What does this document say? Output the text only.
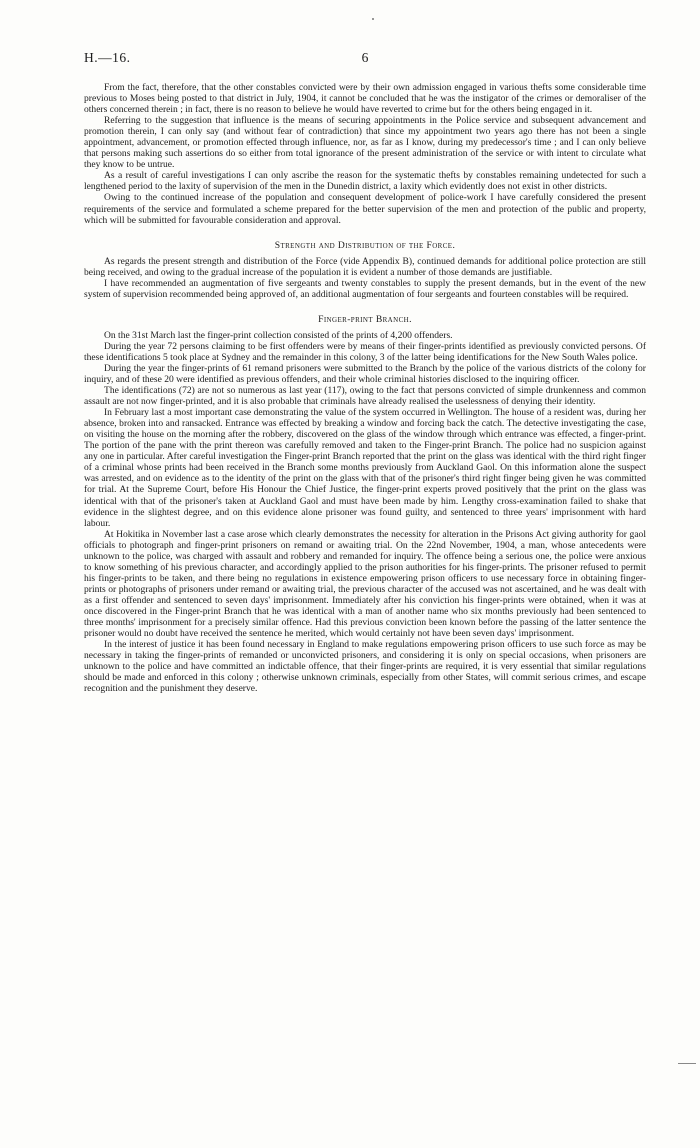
H.—16.	6

From the fact, therefore, that the other constables convicted were by their own admission engaged in various thefts some considerable time previous to Moses being posted to that district in July, 1904, it cannot be concluded that he was the instigator of the crimes or demoraliser of the others concerned therein ; in fact, there is no reason to believe he would have reverted to crime but for the others being engaged in it.

Referring to the suggestion that influence is the means of securing appointments in the Police service and subsequent advancement and promotion therein, I can only say (and without fear of contradiction) that since my appointment two years ago there has not been a single appointment, advancement, or promotion effected through influence, nor, as far as I know, during my predecessor's time ; and I can only believe that persons making such assertions do so either from total ignorance of the present administration of the service or with intent to circulate what they know to be untrue.

As a result of careful investigations I can only ascribe the reason for the systematic thefts by constables remaining undetected for such a lengthened period to the laxity of supervision of the men in the Dunedin district, a laxity which evidently does not exist in other districts.

Owing to the continued increase of the population and consequent development of police-work I have carefully considered the present requirements of the service and formulated a scheme prepared for the better supervision of the men and protection of the public and property, which will be submitted for favourable consideration and approval.

Strength and Distribution of the Force.

As regards the present strength and distribution of the Force (vide Appendix B), continued demands for additional police protection are still being received, and owing to the gradual increase of the population it is evident a number of those demands are justifiable.

I have recommended an augmentation of five sergeants and twenty constables to supply the present demands, but in the event of the new system of supervision recommended being approved of, an additional augmentation of four sergeants and fourteen constables will be required.

Finger-print Branch.

On the 31st March last the finger-print collection consisted of the prints of 4,200 offenders.

During the year 72 persons claiming to be first offenders were by means of their finger-prints identified as previously convicted persons. Of these identifications 5 took place at Sydney and the remainder in this colony, 3 of the latter being identifications for the New South Wales police.

During the year the finger-prints of 61 remand prisoners were submitted to the Branch by the police of the various districts of the colony for inquiry, and of these 20 were identified as previous offenders, and their whole criminal histories disclosed to the inquiring officer.

The identifications (72) are not so numerous as last year (117), owing to the fact that persons convicted of simple drunkenness and common assault are not now finger-printed, and it is also probable that criminals have already realised the uselessness of denying their identity.

In February last a most important case demonstrating the value of the system occurred in Wellington. The house of a resident was, during her absence, broken into and ransacked. Entrance was effected by breaking a window and forcing back the catch. The detective investigating the case, on visiting the house on the morning after the robbery, discovered on the glass of the window through which entrance was effected, a finger-print. The portion of the pane with the print thereon was carefully removed and taken to the Finger-print Branch. The police had no suspicion against any one in particular. After careful investigation the Finger-print Branch reported that the print on the glass was identical with the third right finger of a criminal whose prints had been received in the Branch some months previously from Auckland Gaol. On this information alone the suspect was arrested, and on evidence as to the identity of the print on the glass with that of the prisoner's third right finger being given he was committed for trial. At the Supreme Court, before His Honour the Chief Justice, the finger-print experts proved positively that the print on the glass was identical with that of the prisoner's taken at Auckland Gaol and must have been made by him. Lengthy cross-examination failed to shake that evidence in the slightest degree, and on this evidence alone prisoner was found guilty, and sentenced to three years' imprisonment with hard labour.

At Hokitika in November last a case arose which clearly demonstrates the necessity for alteration in the Prisons Act giving authority for gaol officials to photograph and finger-print prisoners on remand or awaiting trial. On the 22nd November, 1904, a man, whose antecedents were unknown to the police, was charged with assault and robbery and remanded for inquiry. The offence being a serious one, the police were anxious to know something of his previous character, and accordingly applied to the prison authorities for his finger-prints. The prisoner refused to permit his finger-prints to be taken, and there being no regulations in existence empowering prison officers to use necessary force in obtaining finger-prints or photographs of prisoners under remand or awaiting trial, the previous character of the accused was not ascertained, and he was dealt with as a first offender and sentenced to seven days' imprisonment. Immediately after his conviction his finger-prints were obtained, when it was at once discovered in the Finger-print Branch that he was identical with a man of another name who six months previously had been sentenced to three months' imprisonment for a precisely similar offence. Had this previous conviction been known before the passing of the latter sentence the prisoner would no doubt have received the sentence he merited, which would certainly not have been seven days' imprisonment.

In the interest of justice it has been found necessary in England to make regulations empowering prison officers to use such force as may be necessary in taking the finger-prints of remanded or unconvicted prisoners, and considering it is only on special occasions, when prisoners are unknown to the police and have committed an indictable offence, that their finger-prints are required, it is very essential that similar regulations should be made and enforced in this colony ; otherwise unknown criminals, especially from other States, will commit serious crimes, and escape recognition and the punishment they deserve.
